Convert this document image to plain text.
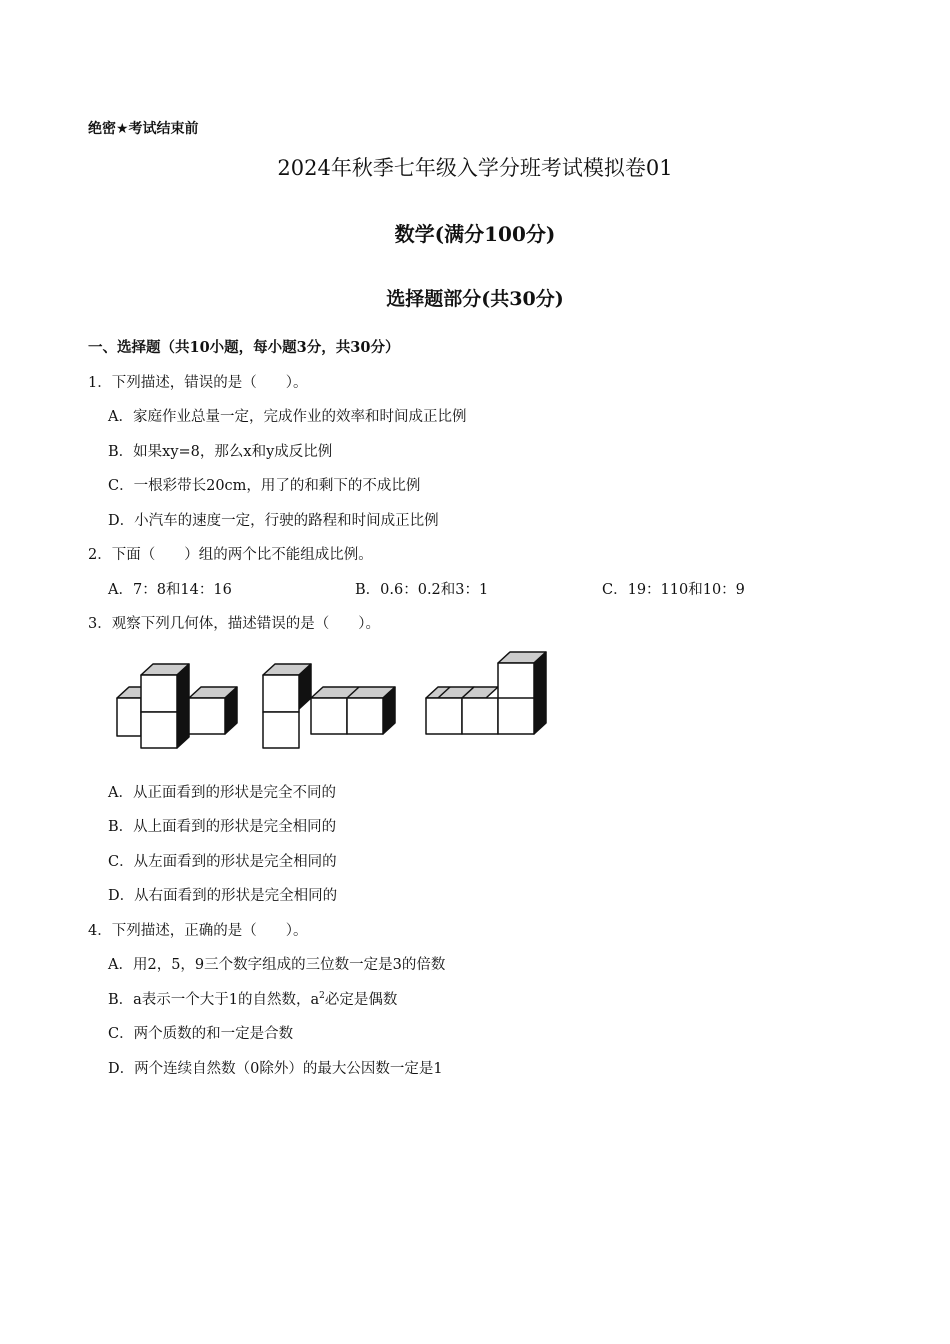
绝密★考试结束前
2024年秋季七年级入学分班考试模拟卷01
数学(满分100分)
选择题部分(共30分)
一、选择题（共10小题，每小题3分，共30分）
1．下列描述，错误的是（　　）。
A．家庭作业总量一定，完成作业的效率和时间成正比例
B．如果xy=8，那么x和y成反比例
C．一根彩带长20cm，用了的和剩下的不成比例
D．小汽车的速度一定，行驶的路程和时间成正比例
2．下面（　　）组的两个比不能组成比例。
A．7：8和14：16	B．0.6：0.2和3：1	C．19：110和10：9
3．观察下列几何体，描述错误的是（　　）。
A．从正面看到的形状是完全不同的
B．从上面看到的形状是完全相同的
C．从左面看到的形状是完全相同的
D．从右面看到的形状是完全相同的
4．下列描述，正确的是（　　）。
A．用2，5，9三个数字组成的三位数一定是3的倍数
B．a表示一个大于1的自然数，$a^2$必定是偶数
C．两个质数的和一定是合数
D．两个连续自然数（0除外）的最大公因数一定是1
